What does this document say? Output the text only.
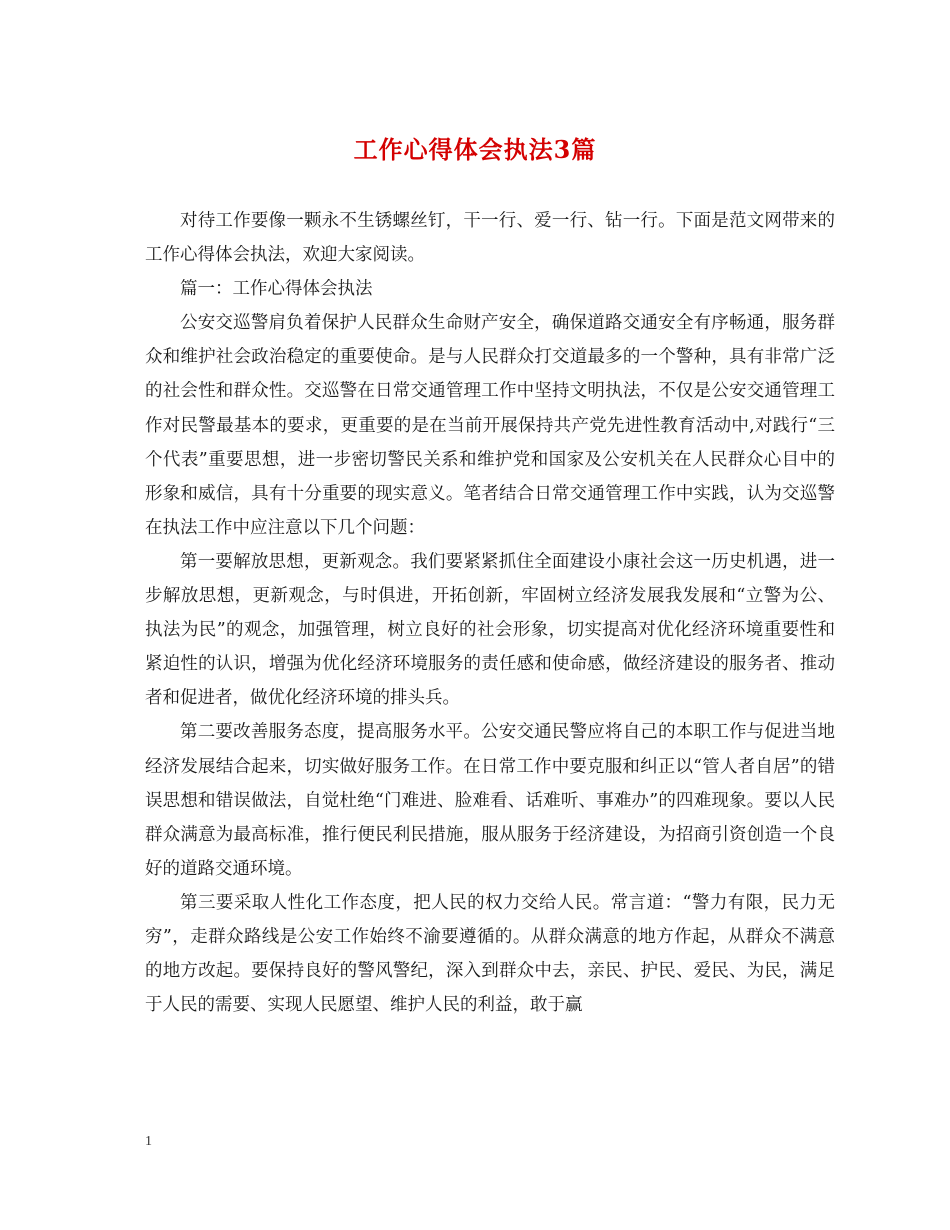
工作心得体会执法3篇

对待工作要像一颗永不生锈螺丝钉，干一行、爱一行、钻一行。下面是范文网带来的工作心得体会执法，欢迎大家阅读。

篇一：工作心得体会执法

公安交巡警肩负着保护人民群众生命财产安全，确保道路交通安全有序畅通，服务群众和维护社会政治稳定的重要使命。是与人民群众打交道最多的一个警种，具有非常广泛的社会性和群众性。交巡警在日常交通管理工作中坚持文明执法，不仅是公安交通管理工作对民警最基本的要求，更重要的是在当前开展保持共产党先进性教育活动中,对践行“三个代表”重要思想，进一步密切警民关系和维护党和国家及公安机关在人民群众心目中的形象和威信，具有十分重要的现实意义。笔者结合日常交通管理工作中实践，认为交巡警在执法工作中应注意以下几个问题：

第一要解放思想，更新观念。我们要紧紧抓住全面建设小康社会这一历史机遇，进一步解放思想，更新观念，与时俱进，开拓创新，牢固树立经济发展我发展和“立警为公、执法为民”的观念，加强管理，树立良好的社会形象，切实提高对优化经济环境重要性和紧迫性的认识，增强为优化经济环境服务的责任感和使命感，做经济建设的服务者、推动者和促进者，做优化经济环境的排头兵。

第二要改善服务态度，提高服务水平。公安交通民警应将自己的本职工作与促进当地经济发展结合起来，切实做好服务工作。在日常工作中要克服和纠正以“管人者自居”的错误思想和错误做法，自觉杜绝“门难进、脸难看、话难听、事难办”的四难现象。要以人民群众满意为最高标准，推行便民利民措施，服从服务于经济建设，为招商引资创造一个良好的道路交通环境。

第三要采取人性化工作态度，把人民的权力交给人民。常言道：“警力有限，民力无穷”，走群众路线是公安工作始终不渝要遵循的。从群众满意的地方作起，从群众不满意的地方改起。要保持良好的警风警纪，深入到群众中去，亲民、护民、爱民、为民，满足于人民的需要、实现人民愿望、维护人民的利益，敢于赢

1
